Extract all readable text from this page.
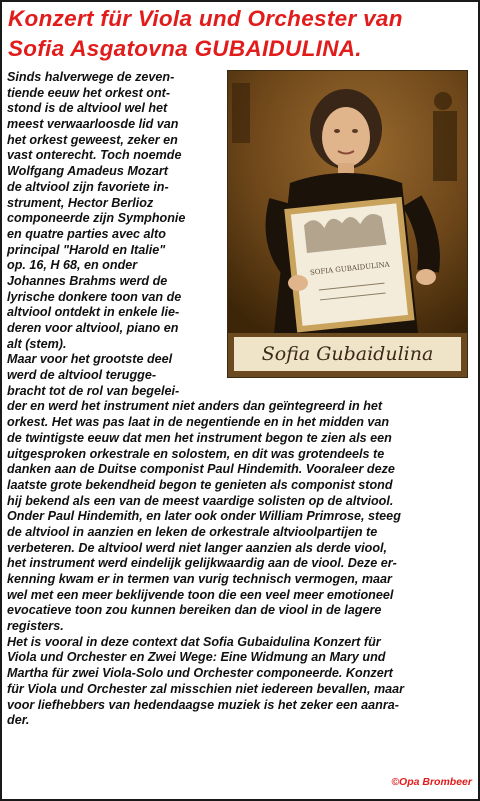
Konzert für Viola und Orchester van
Sofia Asgatovna GUBAIDULINA.
SOFIA GUBAIDULINA
Sofia Gubaidulina
Sinds halverwege de zeven-
tiende eeuw het orkest ont-
stond is de altviool wel het
meest verwaarloosde lid van
het orkest geweest, zeker en
vast onterecht. Toch noemde
Wolfgang Amadeus Mozart
de altviool zijn favoriete in-
strument, Hector Berlioz
componeerde zijn Symphonie
en quatre parties avec alto
principal "Harold en Italie"
op. 16, H 68, en onder
Johannes Brahms werd de
lyrische donkere toon van de
altviool ontdekt in enkele lie-
deren voor altviool, piano en
alt (stem).
Maar voor het grootste deel
werd de altviool terugge-
bracht tot de rol van begelei-
der en werd het instrument niet anders dan geïntegreerd in het
orkest. Het was pas laat in de negentiende en in het midden van
de twintigste eeuw dat men het instrument begon te zien als een
uitgesproken orkestrale en solostem, en dit was grotendeels te
danken aan de Duitse componist Paul Hindemith. Vooraleer deze
laatste grote bekendheid begon te genieten als componist stond
hij bekend als een van de meest vaardige solisten op de altviool.
Onder Paul Hindemith, en later ook onder William Primrose, steeg
de altviool in aanzien en leken de orkestrale altvioolpartijen te
verbeteren. De altviool werd niet langer aanzien als derde viool,
het instrument werd eindelijk gelijkwaardig aan de viool. Deze er-
kenning kwam er in termen van vurig technisch vermogen, maar
wel met een meer beklijvende toon die een veel meer emotioneel
evocatieve toon zou kunnen bereiken dan de viool in de lagere
registers.
Het is vooral in deze context dat Sofia Gubaidulina Konzert für
Viola und Orchester en Zwei Wege: Eine Widmung an Mary und
Martha für zwei Viola-Solo und Orchester componeerde. Konzert
für Viola und Orchester zal misschien niet iedereen bevallen, maar
voor liefhebbers van hedendaagse muziek is het zeker een aanra-
der.
©Opa Brombeer
